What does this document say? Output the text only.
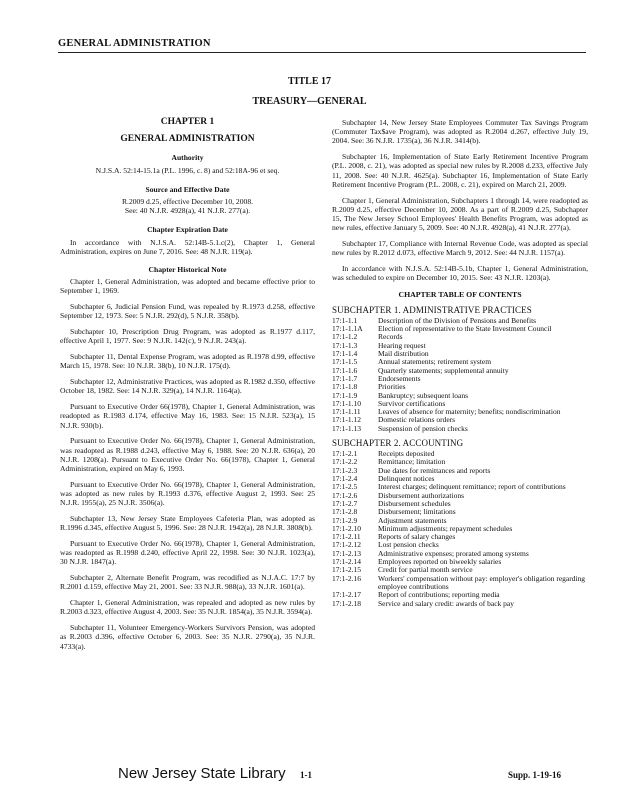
GENERAL ADMINISTRATION
TITLE 17
TREASURY—GENERAL
CHAPTER 1
GENERAL ADMINISTRATION
Authority
N.J.S.A. 52:14-15.1a (P.L. 1996, c. 8) and 52:18A-96 et seq.
Source and Effective Date
R.2009 d.25, effective December 10, 2008.
See: 40 N.J.R. 4928(a), 41 N.J.R. 277(a).
Chapter Expiration Date

In accordance with N.J.S.A. 52:14B-5.1.c(2), Chapter 1, General Administration, expires on June 7, 2016. See: 48 N.J.R. 119(a).

Chapter Historical Note

Chapter 1, General Administration, was adopted and became effective prior to September 1, 1969.

Subchapter 6, Judicial Pension Fund, was repealed by R.1973 d.258, effective September 12, 1973. See: 5 N.J.R. 292(d), 5 N.J.R. 358(b).

Subchapter 10, Prescription Drug Program, was adopted as R.1977 d.117, effective April 1, 1977. See: 9 N.J.R. 142(c), 9 N.J.R. 243(a).

Subchapter 11, Dental Expense Program, was adopted as R.1978 d.99, effective March 15, 1978. See: 10 N.J.R. 38(b), 10 N.J.R. 175(d).

Subchapter 12, Administrative Practices, was adopted as R.1982 d.350, effective October 18, 1982. See: 14 N.J.R. 329(a), 14 N.J.R. 1164(a).

Pursuant to Executive Order 66(1978), Chapter 1, General Administration, was readopted as R.1983 d.174, effective May 16, 1983. See: 15 N.J.R. 523(a), 15 N.J.R. 930(b).

Pursuant to Executive Order No. 66(1978), Chapter 1, General Administration, was readopted as R.1988 d.243, effective May 6, 1988. See: 20 N.J.R. 636(a), 20 N.J.R. 1208(a). Pursuant to Executive Order No. 66(1978), Chapter 1, General Administration, expired on May 6, 1993.

Pursuant to Executive Order No. 66(1978), Chapter 1, General Administration, was adopted as new rules by R.1993 d.376, effective August 2, 1993. See: 25 N.J.R. 1955(a), 25 N.J.R. 3506(a).

Subchapter 13, New Jersey State Employees Cafeteria Plan, was adopted as R.1996 d.345, effective August 5, 1996. See: 28 N.J.R. 1942(a), 28 N.J.R. 3808(b).

Pursuant to Executive Order No. 66(1978), Chapter 1, General Administration, was readopted as R.1998 d.240, effective April 22, 1998. See: 30 N.J.R. 1023(a), 30 N.J.R. 1847(a).

Subchapter 2, Alternate Benefit Program, was recodified as N.J.A.C. 17:7 by R.2001 d.159, effective May 21, 2001. See: 33 N.J.R. 988(a), 33 N.J.R. 1601(a).

Chapter 1, General Administration, was repealed and adopted as new rules by R.2003 d.323, effective August 4, 2003. See: 35 N.J.R. 1854(a), 35 N.J.R. 3594(a).

Subchapter 11, Volunteer Emergency-Workers Survivors Pension, was adopted as R.2003 d.396, effective October 6, 2003. See: 35 N.J.R. 2790(a), 35 N.J.R. 4733(a).

Subchapter 14, New Jersey State Employees Commuter Tax Savings Program (Commuter Tax$ave Program), was adopted as R.2004 d.267, effective July 19, 2004. See: 36 N.J.R. 1735(a), 36 N.J.R. 3414(b).

Subchapter 16, Implementation of State Early Retirement Incentive Program (P.L. 2008, c. 21), was adopted as special new rules by R.2008 d.233, effective July 11, 2008. See: 40 N.J.R. 4625(a). Subchapter 16, Implementation of State Early Retirement Incentive Program (P.L. 2008, c. 21), expired on March 21, 2009.

Chapter 1, General Administration, Subchapters 1 through 14, were readopted as R.2009 d.25, effective December 10, 2008. As a part of R.2009 d.25, Subchapter 15, The New Jersey School Employees' Health Benefits Program, was adopted as new rules, effective January 5, 2009. See: 40 N.J.R. 4928(a), 41 N.J.R. 277(a).

Subchapter 17, Compliance with Internal Revenue Code, was adopted as special new rules by R.2012 d.073, effective March 9, 2012. See: 44 N.J.R. 1157(a).

In accordance with N.J.S.A. 52:14B-5.1b, Chapter 1, General Administration, was scheduled to expire on December 10, 2015. See: 43 N.J.R. 1203(a).

CHAPTER TABLE OF CONTENTS
SUBCHAPTER 1. ADMINISTRATIVE PRACTICES
17:1-1.1	Description of the Division of Pensions and Benefits
17:1-1.1A	Election of representative to the State Investment Council
17:1-1.2	Records
17:1-1.3	Hearing request
17:1-1.4	Mail distribution
17:1-1.5	Annual statements; retirement system
17:1-1.6	Quarterly statements; supplemental annuity
17:1-1.7	Endorsements
17:1-1.8	Priorities
17:1-1.9	Bankruptcy; subsequent loans
17:1-1.10	Survivor certifications
17:1-1.11	Leaves of absence for maternity; benefits; nondiscrimination
17:1-1.12	Domestic relations orders
17:1-1.13	Suspension of pension checks
SUBCHAPTER 2. ACCOUNTING
17:1-2.1	Receipts deposited
17:1-2.2	Remittance; limitation
17:1-2.3	Due dates for remittances and reports
17:1-2.4	Delinquent notices
17:1-2.5	Interest charges; delinquent remittance; report of contributions
17:1-2.6	Disbursement authorizations
17:1-2.7	Disbursement schedules
17:1-2.8	Disbursement; limitations
17:1-2.9	Adjustment statements
17:1-2.10	Minimum adjustments; repayment schedules
17:1-2.11	Reports of salary changes
17:1-2.12	Lost pension checks
17:1-2.13	Administrative expenses; prorated among systems
17:1-2.14	Employees reported on biweekly salaries
17:1-2.15	Credit for partial month service
17:1-2.16	Workers' compensation without pay: employer's obligation regarding employee contributions
17:1-2.17	Report of contributions; reporting media
17:1-2.18	Service and salary credit: awards of back pay
New Jersey State Library 1-1	Supp. 1-19-16
